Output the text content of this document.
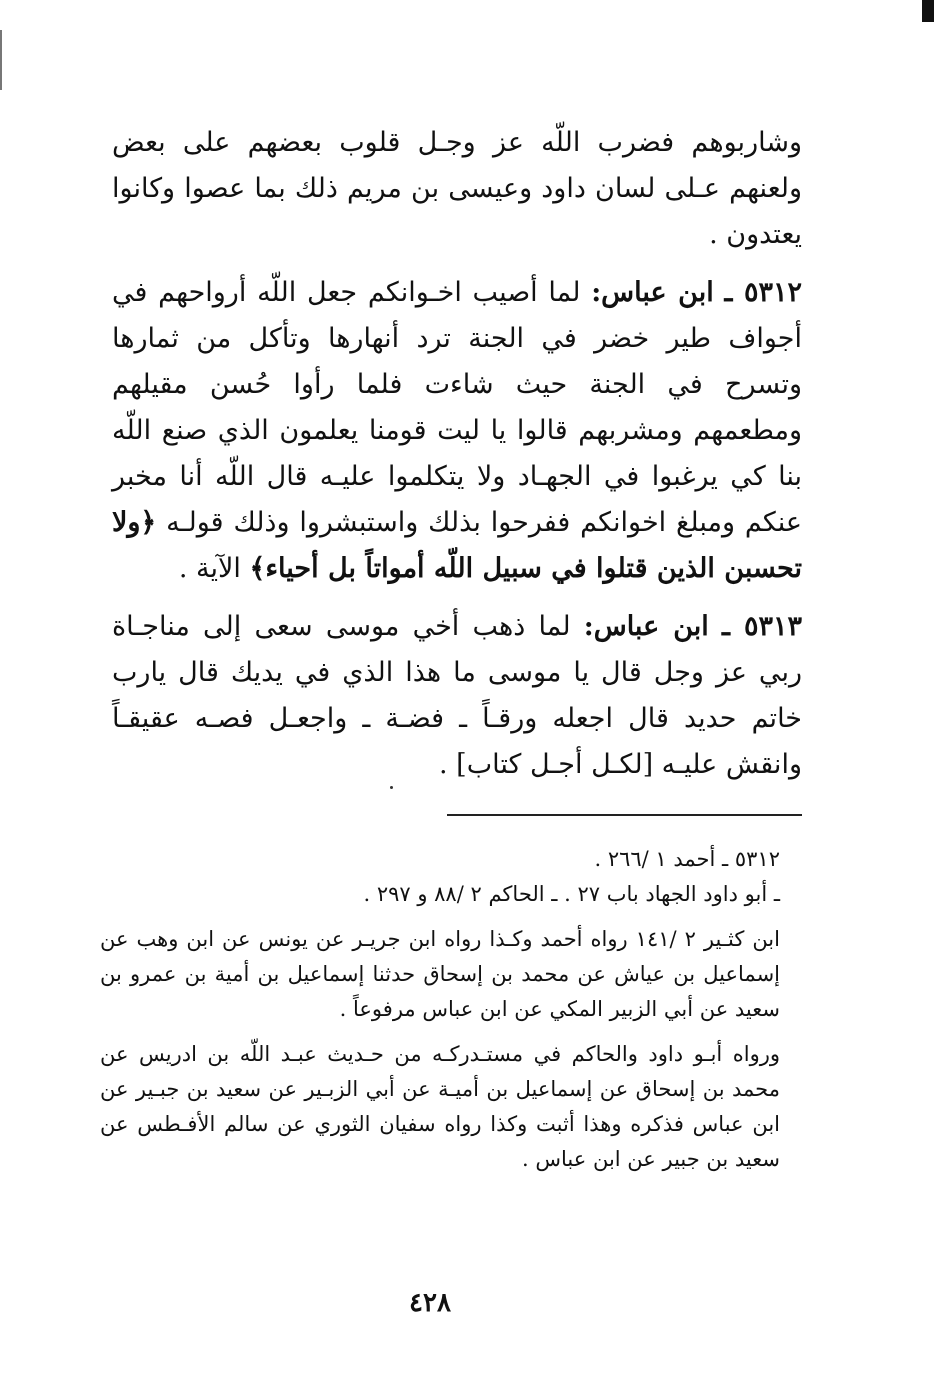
وشاربوهم فضرب اللّه عز وجـل قلوب بعضهم على بعض ولعنهم عـلى لسان داود وعيسى بن مريم ذلك بما عصوا وكانوا يعتدون .

٥٣١٢ ـ ابن عباس: لما أصيب اخـوانكم جعل اللّه أرواحهم في أجواف طير خضر في الجنة ترد أنهارها وتأكل من ثمارها وتسرح في الجنة حيث شاءت فلما رأوا حُسن مقيلهم ومطعمهم ومشربهم قالوا يا ليت قومنا يعلمون الذي صنع اللّه بنا كي يرغبوا في الجهـاد ولا يتكلموا عليـه قال اللّه أنا مخبر عنكم ومبلغ اخوانكم ففرحوا بذلك واستبشروا وذلك قولـه ﴿ولا تحسبن الذين قتلوا في سبيل اللّه أمواتاً بل أحياء﴾ الآية .

٥٣١٣ ـ ابن عباس: لما ذهب أخي موسى سعى إلى مناجـاة ربي عز وجل قال يا موسى ما هذا الذي في يديك قال يارب خاتم حديد قال اجعله ورقـاً ـ فضـة ـ واجعـل فصـه عقيقـاً وانقش عليـه [لكـل أجـل كتاب] .

٥٣١٢ ـ أحمد ١ /٢٦٦ .

ـ أبو داود الجهاد باب ٢٧ . ـ الحاكم ٢ /٨٨ و ٢٩٧ .

ابن كثـير ٢ /١٤١ رواه أحمد وكـذا رواه ابن جريـر عن يونس عن ابن وهب عن إسماعيل بن عياش عن محمد بن إسحاق حدثنا إسماعيل بن أمية بن عمرو بن سعيد عن أبي الزبير المكي عن ابن عباس مرفوعاً .

ورواه أبـو داود والحاكم في مستـدركـه من حـديث عبـد اللّه بن ادريس عن محمد بن إسحاق عن إسماعيل بن أميـة عن أبي الزبـير عن سعيد بن جبـير عن ابن عباس فذكره وهذا أثبت وكذا رواه سفيان الثوري عن سالم الأفـطس عن سعيد بن جبير عن ابن عباس .

٤٢٨
